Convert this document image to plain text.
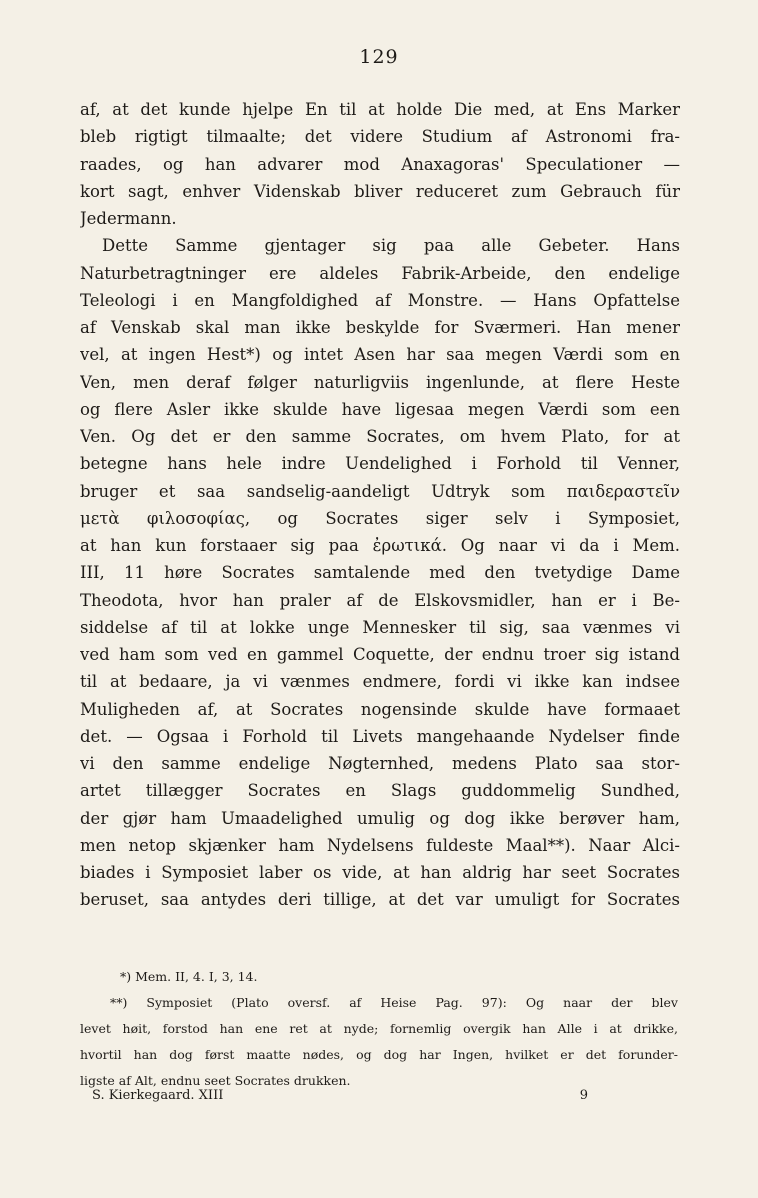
129
af, at det kunde hjelpe En til at holde Die med, at Ens Marker
bleb rigtigt tilmaalte; det videre Studium af Astronomi fra-
raades, og han advarer mod Anaxagoras' Speculationer —
kort sagt, enhver Videnskab bliver reduceret zum Gebrauch für
Jedermann.
Dette Samme gjentager sig paa alle Gebeter. Hans
Naturbetragtninger ere aldeles Fabrik-Arbeide, den endelige
Teleologi i en Mangfoldighed af Monstre. — Hans Opfattelse
af Venskab skal man ikke beskylde for Sværmeri. Han mener
vel, at ingen Hest*) og intet Asen har saa megen Værdi som en
Ven, men deraf følger naturligviis ingenlunde, at flere Heste
og flere Asler ikke skulde have ligesaa megen Værdi som een
Ven. Og det er den samme Socrates, om hvem Plato, for at
betegne hans hele indre Uendelighed i Forhold til Venner,
bruger et saa sandselig-aandeligt Udtryk som παιδεραστεῖν
μετὰ φιλοσοφίας, og Socrates siger selv i Symposiet,
at han kun forstaaer sig paa ἐρωτικά. Og naar vi da i Mem.
III, 11 høre Socrates samtalende med den tvetydige Dame
Theodota, hvor han praler af de Elskovsmidler, han er i Be-
siddelse af til at lokke unge Mennesker til sig, saa vænmes vi
ved ham som ved en gammel Coquette, der endnu troer sig istand
til at bedaare, ja vi vænmes endmere, fordi vi ikke kan indsee
Muligheden af, at Socrates nogensinde skulde have formaaet
det. — Ogsaa i Forhold til Livets mangehaande Nydelser finde
vi den samme endelige Nøgternhed, medens Plato saa stor-
artet tillægger Socrates en Slags guddommelig Sundhed,
der gjør ham Umaadelighed umulig og dog ikke berøver ham,
men netop skjænker ham Nydelsens fuldeste Maal**). Naar Alci-
biades i Symposiet laber os vide, at han aldrig har seet Socrates
beruset, saa antydes deri tillige, at det var umuligt for Socrates
*) Mem. II, 4. I, 3, 14.
**) Symposiet (Plato oversf. af Heise Pag. 97): Og naar der blev
levet høit, forstod han ene ret at nyde; fornemlig overgik han Alle i at drikke,
hvortil han dog først maatte nødes, og dog har Ingen, hvilket er det forunder-
ligste af Alt, endnu seet Socrates drukken.
S. Kierkegaard. XIII	9
